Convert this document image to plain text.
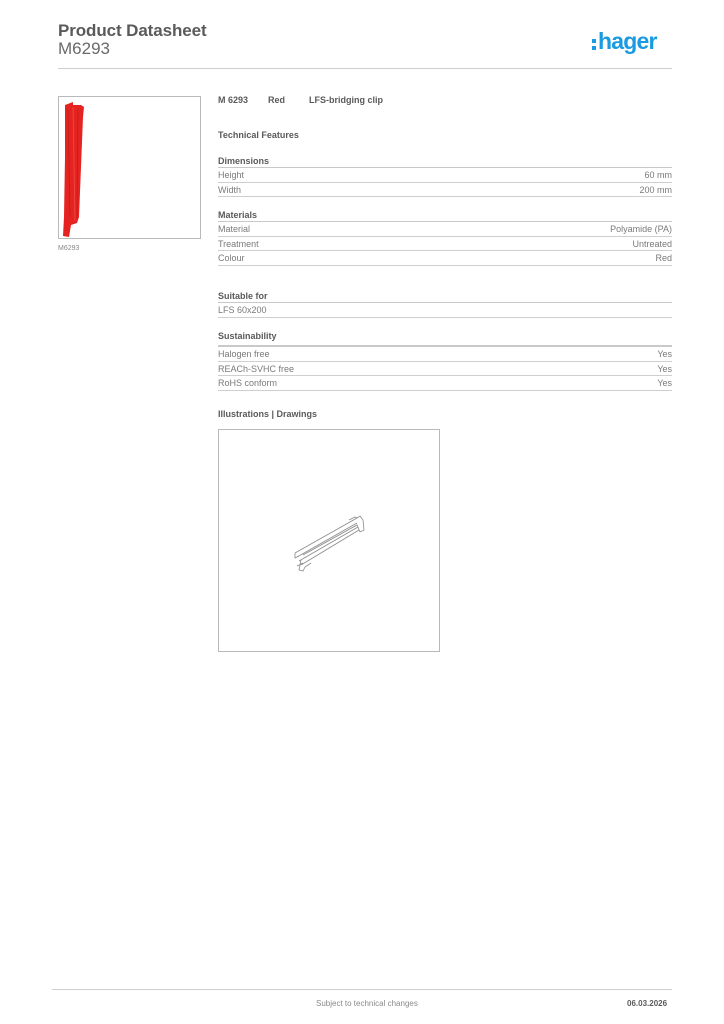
Product Datasheet
M6293	hager
M6293
M 6293	Red	LFS-bridging clip
Technical Features
Dimensions
Height	60 mm
Width	200 mm
Materials
Material	Polyamide (PA)
Treatment	Untreated
Colour	Red
Suitable for
LFS 60x200
Sustainability
Halogen free	Yes
REACh-SVHC free	Yes
RoHS conform	Yes
Illustrations | Drawings
Subject to technical changes	06.03.2026
